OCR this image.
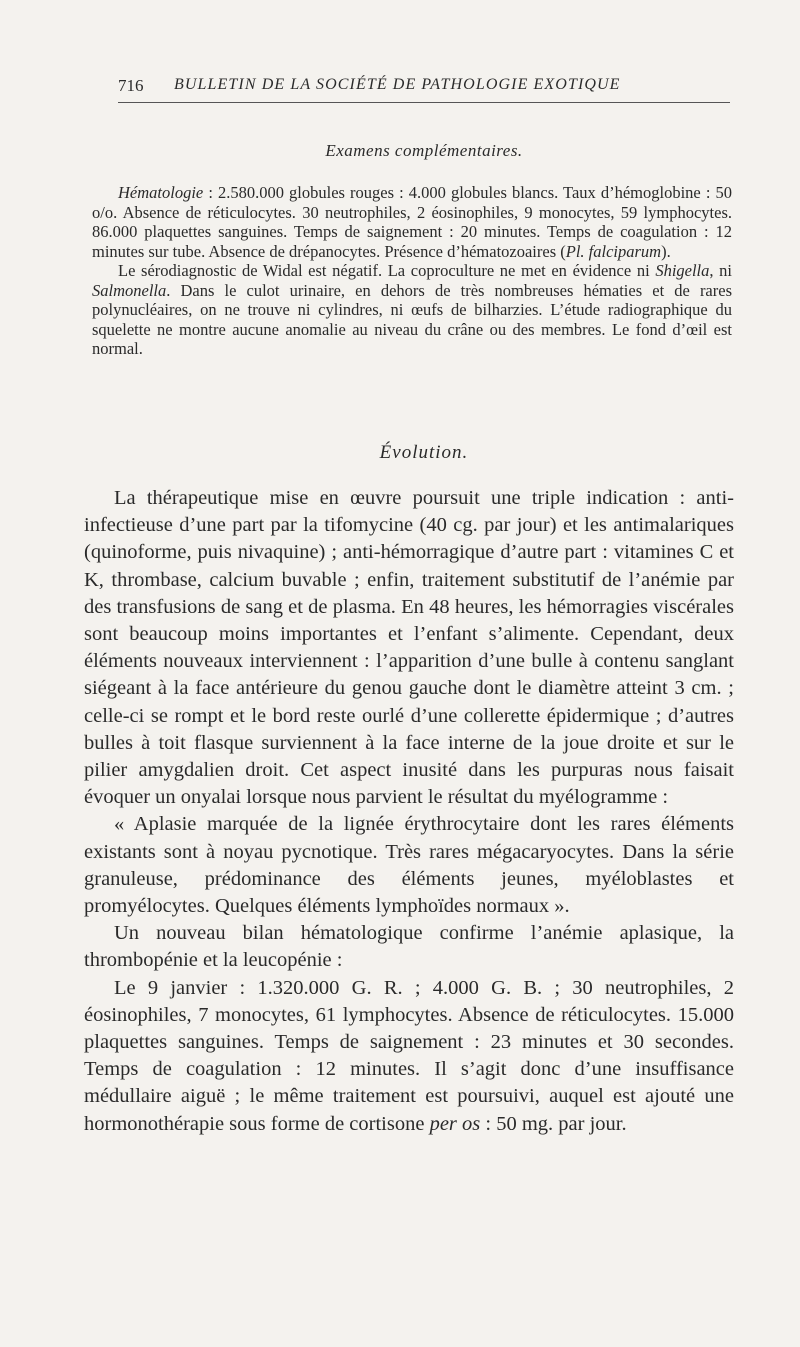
716 BULLETIN DE LA SOCIÉTÉ DE PATHOLOGIE EXOTIQUE
Examens complémentaires.

Hématologie : 2.580.000 globules rouges : 4.000 globules blancs. Taux d’hémoglobine : 50 o/o. Absence de réticulocytes. 30 neutrophiles, 2 éosinophiles, 9 monocytes, 59 lymphocytes. 86.000 plaquettes sanguines. Temps de saignement : 20 minutes. Temps de coagulation : 12 minutes sur tube. Absence de drépanocytes. Présence d’hématozoaires (Pl. falciparum).

Le sérodiagnostic de Widal est négatif. La coproculture ne met en évidence ni Shigella, ni Salmonella. Dans le culot urinaire, en dehors de très nombreuses hématies et de rares polynucléaires, on ne trouve ni cylindres, ni œufs de bilharzies. L’étude radiographique du squelette ne montre aucune anomalie au niveau du crâne ou des membres. Le fond d’œil est normal.

Évolution.

La thérapeutique mise en œuvre poursuit une triple indication : anti-infectieuse d’une part par la tifomycine (40 cg. par jour) et les antimalariques (quinoforme, puis nivaquine) ; anti-hémorragique d’autre part : vitamines C et K, thrombase, calcium buvable ; enfin, traitement substitutif de l’anémie par des transfusions de sang et de plasma. En 48 heures, les hémorragies viscérales sont beaucoup moins importantes et l’enfant s’alimente. Cependant, deux éléments nouveaux interviennent : l’apparition d’une bulle à contenu sanglant siégeant à la face antérieure du genou gauche dont le diamètre atteint 3 cm. ; celle-ci se rompt et le bord reste ourlé d’une collerette épidermique ; d’autres bulles à toit flasque surviennent à la face interne de la joue droite et sur le pilier amygdalien droit. Cet aspect inusité dans les purpuras nous faisait évoquer un onyalai lorsque nous parvient le résultat du myélogramme :

« Aplasie marquée de la lignée érythrocytaire dont les rares éléments existants sont à noyau pycnotique. Très rares mégacaryocytes. Dans la série granuleuse, prédominance des éléments jeunes, myéloblastes et promyélocytes. Quelques éléments lymphoïdes normaux ».

Un nouveau bilan hématologique confirme l’anémie aplasique, la thrombopénie et la leucopénie :

Le 9 janvier : 1.320.000 G. R. ; 4.000 G. B. ; 30 neutrophiles, 2 éosinophiles, 7 monocytes, 61 lymphocytes. Absence de réticulocytes. 15.000 plaquettes sanguines. Temps de saignement : 23 minutes et 30 secondes. Temps de coagulation : 12 minutes. Il s’agit donc d’une insuffisance médullaire aiguë ; le même traitement est poursuivi, auquel est ajouté une hormonothérapie sous forme de cortisone per os : 50 mg. par jour.
